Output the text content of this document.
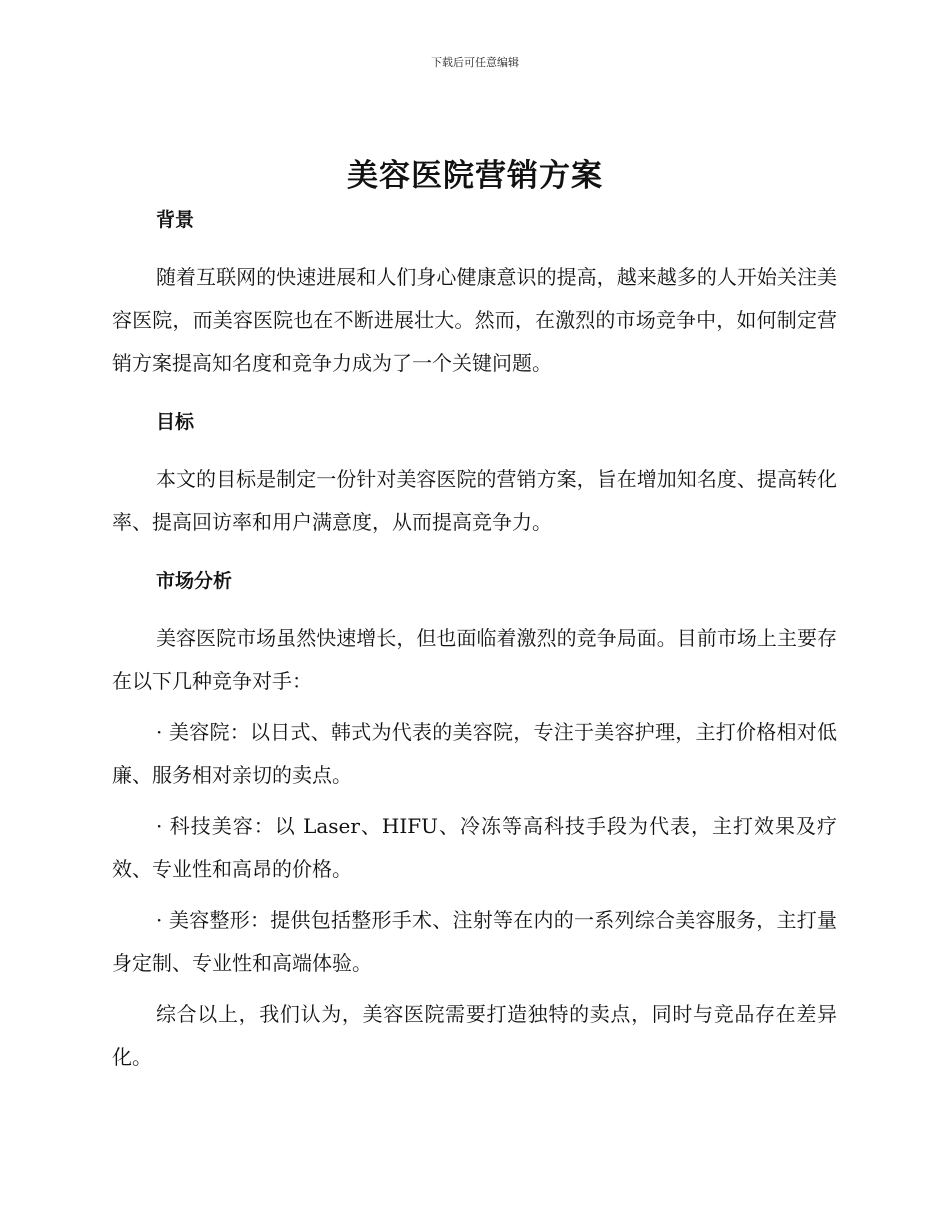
下载后可任意编辑
美容医院营销方案
背景

随着互联网的快速进展和人们身心健康意识的提高，越来越多的人开始关注美容医院，而美容医院也在不断进展壮大。然而，在激烈的市场竞争中，如何制定营销方案提高知名度和竞争力成为了一个关键问题。

目标

本文的目标是制定一份针对美容医院的营销方案，旨在增加知名度、提高转化率、提高回访率和用户满意度，从而提高竞争力。

市场分析

美容医院市场虽然快速增长，但也面临着激烈的竞争局面。目前市场上主要存在以下几种竞争对手：

· 美容院：以日式、韩式为代表的美容院，专注于美容护理，主打价格相对低廉、服务相对亲切的卖点。

· 科技美容：以 Laser、HIFU、冷冻等高科技手段为代表，主打效果及疗效、专业性和高昂的价格。

· 美容整形：提供包括整形手术、注射等在内的一系列综合美容服务，主打量身定制、专业性和高端体验。

综合以上，我们认为，美容医院需要打造独特的卖点，同时与竞品存在差异化。
